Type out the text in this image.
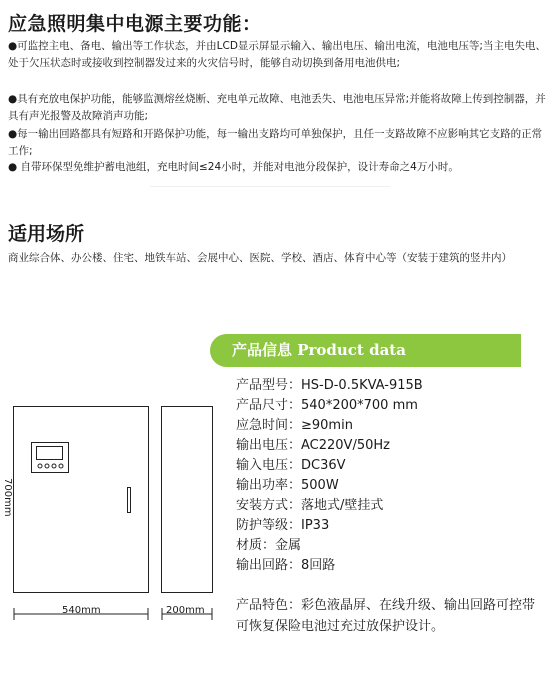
应急照明集中电源主要功能：
●可监控主电、备电、输出等工作状态，并由LCD显示屏显示输入、输出电压、输出电流，电池电压等;当主电失电、处于欠压状态时或接收到控制器发过来的火灾信号时，能够自动切换到备用电池供电;
●具有充放电保护功能，能够监测熔丝烧断、充电单元故障、电池丢失、电池电压异常;并能将故障上传到控制器，并具有声光报警及故障消声功能;
●每一输出回路都具有短路和开路保护功能，每一输出支路均可单独保护，且任一支路故障不应影响其它支路的正常工作;
● 自带环保型免维护蓄电池组，充电时间≤24小时，并能对电池分段保护，设计寿命之4万小时。
适用场所
商业综合体、办公楼、住宅、地铁车站、会展中心、医院、学校、酒店、体育中心等（安装于建筑的竖井内）
产品信息 Product data
产品型号：HS-D-0.5KVA-915B
产品尺寸：540*200*700 mm
应急时间：≥90min
输出电压：AC220V/50Hz
输入电压：DC36V
输出功率：500W
安装方式：落地式/壁挂式
防护等级：IP33
材质：金属
输出回路：8回路
产品特色：彩色液晶屏、在线升级、输出回路可控带可恢复保险电池过充过放保护设计。
700mm
540mm	200mm
